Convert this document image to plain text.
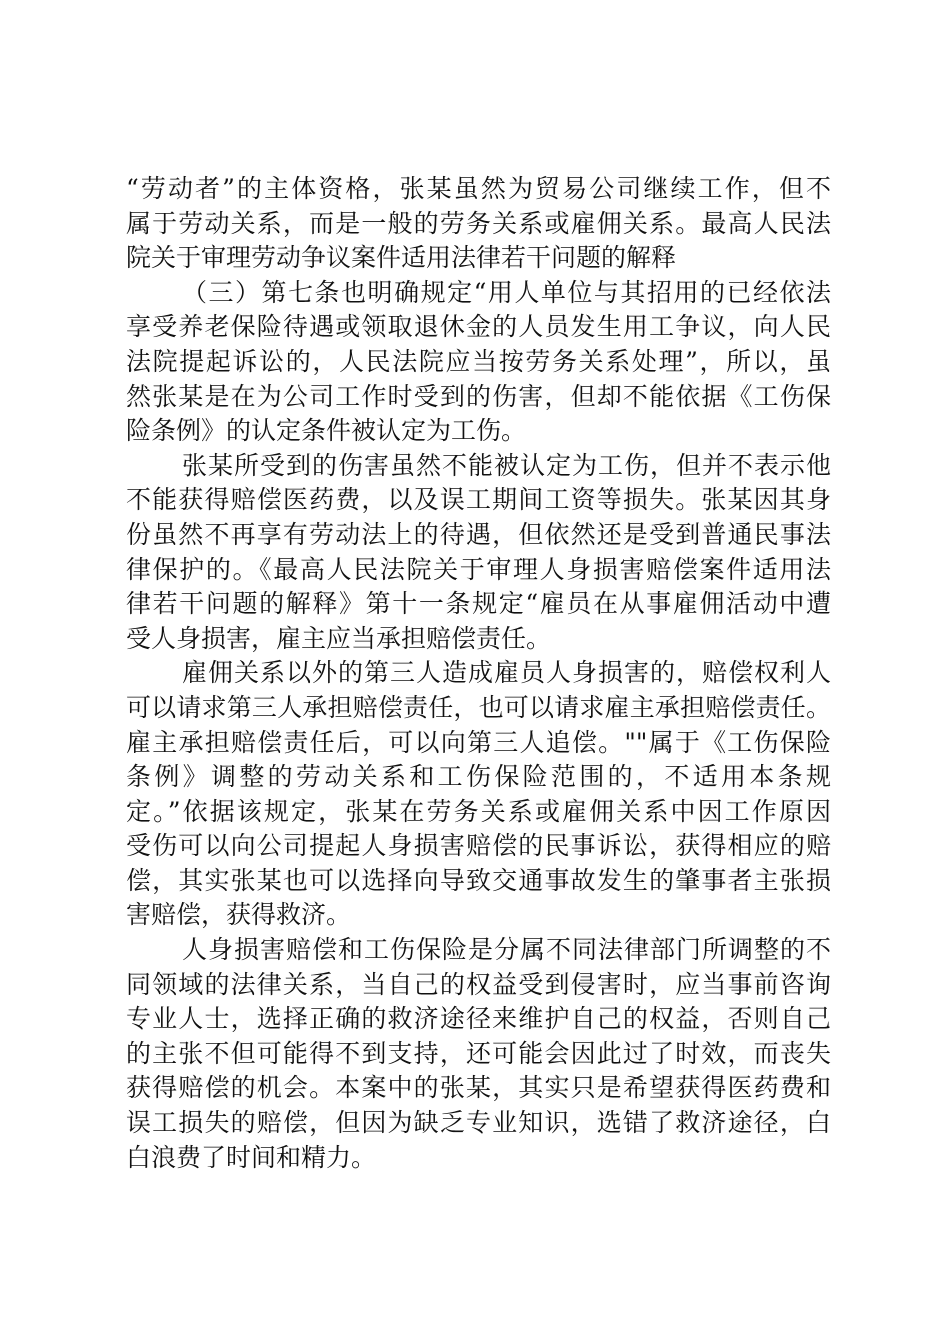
“劳动者”的主体资格，张某虽然为贸易公司继续工作，但不
属于劳动关系，而是一般的劳务关系或雇佣关系。最高人民法
院关于审理劳动争议案件适用法律若干问题的解释
（三）第七条也明确规定“用人单位与其招用的已经依法
享受养老保险待遇或领取退休金的人员发生用工争议，向人民
法院提起诉讼的，人民法院应当按劳务关系处理”，所以，虽
然张某是在为公司工作时受到的伤害，但却不能依据《工伤保
险条例》的认定条件被认定为工伤。
张某所受到的伤害虽然不能被认定为工伤，但并不表示他
不能获得赔偿医药费，以及误工期间工资等损失。张某因其身
份虽然不再享有劳动法上的待遇，但依然还是受到普通民事法
律保护的。《最高人民法院关于审理人身损害赔偿案件适用法
律若干问题的解释》第十一条规定“雇员在从事雇佣活动中遭
受人身损害，雇主应当承担赔偿责任。
雇佣关系以外的第三人造成雇员人身损害的，赔偿权利人
可以请求第三人承担赔偿责任，也可以请求雇主承担赔偿责任。
雇主承担赔偿责任后，可以向第三人追偿。""属于《工伤保险
条例》调整的劳动关系和工伤保险范围的，不适用本条规
定。”依据该规定，张某在劳务关系或雇佣关系中因工作原因
受伤可以向公司提起人身损害赔偿的民事诉讼，获得相应的赔
偿，其实张某也可以选择向导致交通事故发生的肇事者主张损
害赔偿，获得救济。
人身损害赔偿和工伤保险是分属不同法律部门所调整的不
同领域的法律关系，当自己的权益受到侵害时，应当事前咨询
专业人士，选择正确的救济途径来维护自己的权益，否则自己
的主张不但可能得不到支持，还可能会因此过了时效，而丧失
获得赔偿的机会。本案中的张某，其实只是希望获得医药费和
误工损失的赔偿，但因为缺乏专业知识，选错了救济途径，白
白浪费了时间和精力。
